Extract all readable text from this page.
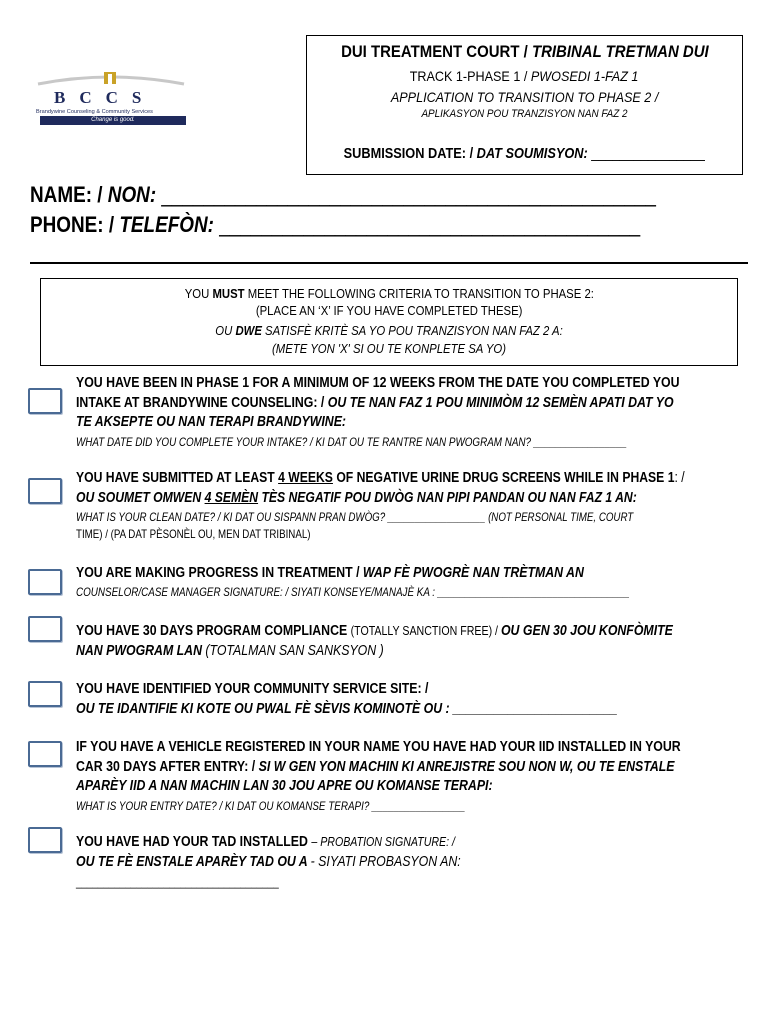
BCCS
Brandywine Counseling & Community Services
Change is good.
DUI TREATMENT COURT / TRIBINAL TRETMAN DUI
TRACK 1-PHASE 1 / PWOSEDI 1-FAZ 1
APPLICATION TO TRANSITION TO PHASE 2 /
APLIKASYON POU TRANZISYON NAN FAZ 2
SUBMISSION DATE: / DAT SOUMISYON: ________________
NAME: / NON: _______________________________________________
PHONE: / TELEFÒN: ________________________________________
YOU MUST MEET THE FOLLOWING CRITERIA TO TRANSITION TO PHASE 2:
(PLACE AN ‘X’ IF YOU HAVE COMPLETED THESE)
OU DWE SATISFÈ KRITÈ SA YO POU TRANZISYON NAN FAZ 2 A:
(METE YON 'X' SI OU TE KONPLETE SA YO)
YOU HAVE BEEN IN PHASE 1 FOR A MINIMUM OF 12 WEEKS FROM THE DATE YOU COMPLETED YOU
INTAKE AT BRANDYWINE COUNSELING: / OU TE NAN FAZ 1 POU MINIMÒM 12 SEMÈN APATI DAT YO
TE AKSEPTE OU NAN TERAPI BRANDYWINE:
WHAT DATE DID YOU COMPLETE YOUR INTAKE? / KI DAT OU TE RANTRE NAN PWOGRAM NAN? _________________
YOU HAVE SUBMITTED AT LEAST 4 WEEKS OF NEGATIVE URINE DRUG SCREENS WHILE IN PHASE 1: /
OU SOUMET OMWEN 4 SEMÈN TÈS NEGATIF POU DWÒG NAN PIPI PANDAN OU NAN FAZ 1 AN:
WHAT IS YOUR CLEAN DATE? / KI DAT OU SISPANN PRAN DWÒG? __________________ (NOT PERSONAL TIME, COURT
TIME) / (PA DAT PÈSONÈL OU, MEN DAT TRIBINAL)
YOU ARE MAKING PROGRESS IN TREATMENT / WAP FÈ PWOGRÈ NAN TRÈTMAN AN
COUNSELOR/CASE MANAGER SIGNATURE: / SIYATI KONSEYE/MANAJÈ KA : ___________________________________
YOU HAVE 30 DAYS PROGRAM COMPLIANCE (TOTALLY SANCTION FREE) / OU GEN 30 JOU KONFÒMITE
NAN PWOGRAM LAN (TOTALMAN SAN SANKSYON )
YOU HAVE IDENTIFIED YOUR COMMUNITY SERVICE SITE: /
OU TE IDANTIFIE KI KOTE OU PWAL FÈ SÈVIS KOMINOTÈ OU : ________________________
IF YOU HAVE A VEHICLE REGISTERED IN YOUR NAME YOU HAVE HAD YOUR IID INSTALLED IN YOUR
CAR 30 DAYS AFTER ENTRY: / SI W GEN YON MACHIN KI ANREJISTRE SOU NON W, OU TE ENSTALE
APARÈY IID A NAN MACHIN LAN 30 JOU APRE OU KOMANSE TERAPI:
WHAT IS YOUR ENTRY DATE? / KI DAT OU KOMANSE TERAPI? _________________
YOU HAVE HAD YOUR TAD INSTALLED – PROBATION SIGNATURE: /
OU TE FÈ ENSTALE APARÈY TAD OU A - SIYATI PROBASYON AN:
_____________________________________
